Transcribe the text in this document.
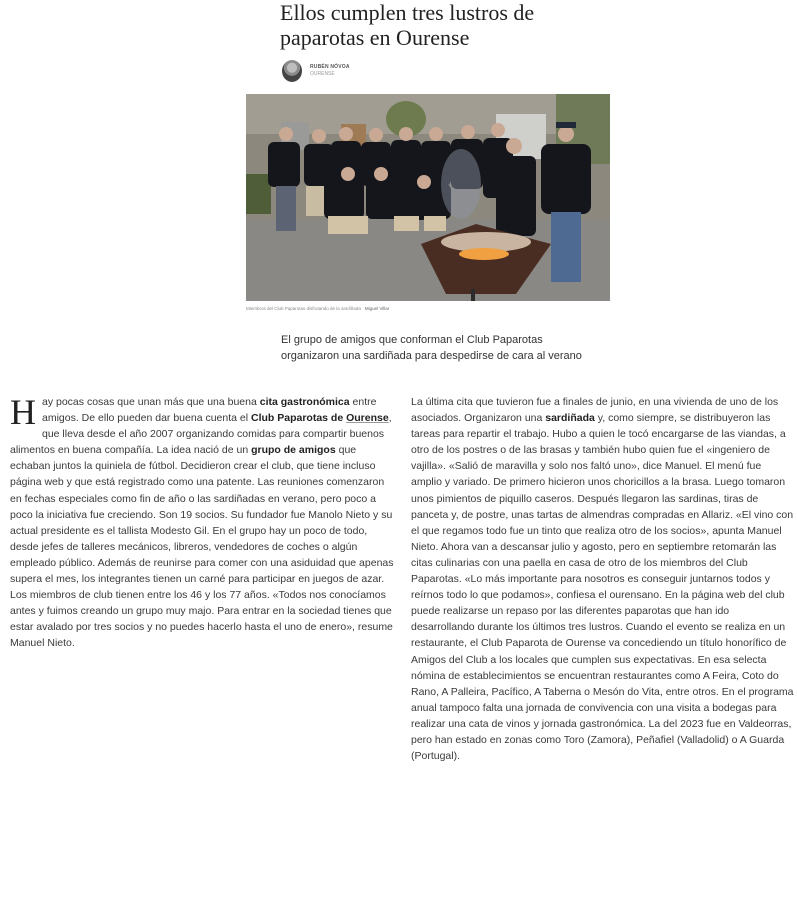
Ellos cumplen tres lustros de paparotas en Ourense
RUBÉN NÓVOA
OURENSE
Miembros del Club Paparotas disfrutando de la sardiñada Miguel Villar

El grupo de amigos que conforman el Club Paparotas organizaron una sardiñada para despedirse de cara al verano

Hay pocas cosas que unan más que una buena cita gastronómica entre amigos. De ello pueden dar buena cuenta el Club Paparotas de Ourense, que lleva desde el año 2007 organizando comidas para compartir buenos alimentos en buena compañía. La idea nació de un grupo de amigos que echaban juntos la quiniela de fútbol. Decidieron crear el club, que tiene incluso página web y que está registrado como una patente. Las reuniones comenzaron en fechas especiales como fin de año o las sardiñadas en verano, pero poco a poco la iniciativa fue creciendo. Son 19 socios. Su fundador fue Manolo Nieto y su actual presidente es el tallista Modesto Gil. En el grupo hay un poco de todo, desde jefes de talleres mecánicos, libreros, vendedores de coches o algún empleado público. Además de reunirse para comer con una asiduidad que apenas supera el mes, los integrantes tienen un carné para participar en juegos de azar. Los miembros de club tienen entre los 46 y los 77 años. «Todos nos conocíamos antes y fuimos creando un grupo muy majo. Para entrar en la sociedad tienes que estar avalado por tres socios y no puedes hacerlo hasta el uno de enero», resume Manuel Nieto.

La última cita que tuvieron fue a finales de junio, en una vivienda de uno de los asociados. Organizaron una sardiñada y, como siempre, se distribuyeron las tareas para repartir el trabajo. Hubo a quien le tocó encargarse de las viandas, a otro de los postres o de las brasas y también hubo quien fue el «ingeniero de vajilla». «Salió de maravilla y solo nos faltó uno», dice Manuel. El menú fue amplio y variado. De primero hicieron unos choricillos a la brasa. Luego tomaron unos pimientos de piquillo caseros. Después llegaron las sardinas, tiras de panceta y, de postre, unas tartas de almendras compradas en Allariz. «El vino con el que regamos todo fue un tinto que realiza otro de los socios», apunta Manuel Nieto. Ahora van a descansar julio y agosto, pero en septiembre retomarán las citas culinarias con una paella en casa de otro de los miembros del Club Paparotas. «Lo más importante para nosotros es conseguir juntarnos todos y reírnos todo lo que podamos», confiesa el ourensano. En la página web del club puede realizarse un repaso por las diferentes paparotas que han ido desarrollando durante los últimos tres lustros. Cuando el evento se realiza en un restaurante, el Club Paparota de Ourense va concediendo un título honorífico de Amigos del Club a los locales que cumplen sus expectativas. En esa selecta nómina de establecimientos se encuentran restaurantes como A Feira, Coto do Rano, A Palleira, Pacífico, A Taberna o Mesón do Vita, entre otros. En el programa anual tampoco falta una jornada de convivencia con una visita a bodegas para realizar una cata de vinos y jornada gastronómica. La del 2023 fue en Valdeorras, pero han estado en zonas como Toro (Zamora), Peñafiel (Valladolid) o A Guarda (Portugal).
